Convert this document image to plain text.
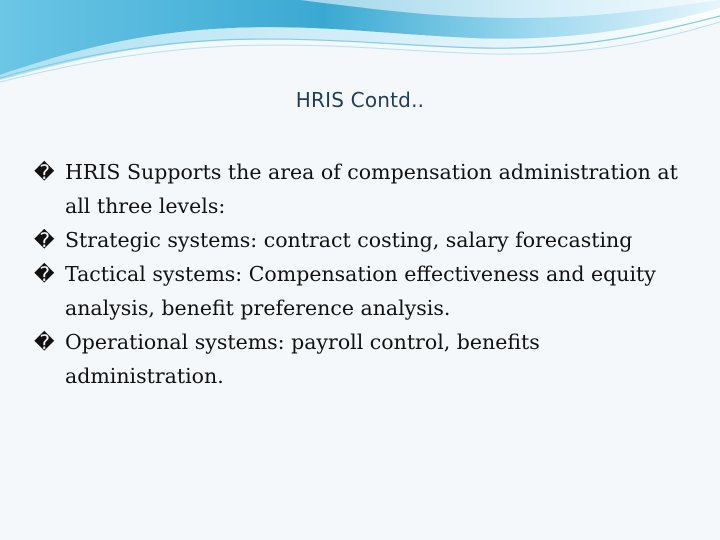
HRIS Contd..
� HRIS Supports the area of compensation administration at all three levels:
� Strategic systems: contract costing, salary forecasting
� Tactical systems: Compensation effectiveness and equity analysis, benefit preference analysis.
� Operational systems: payroll control, benefits administration.
